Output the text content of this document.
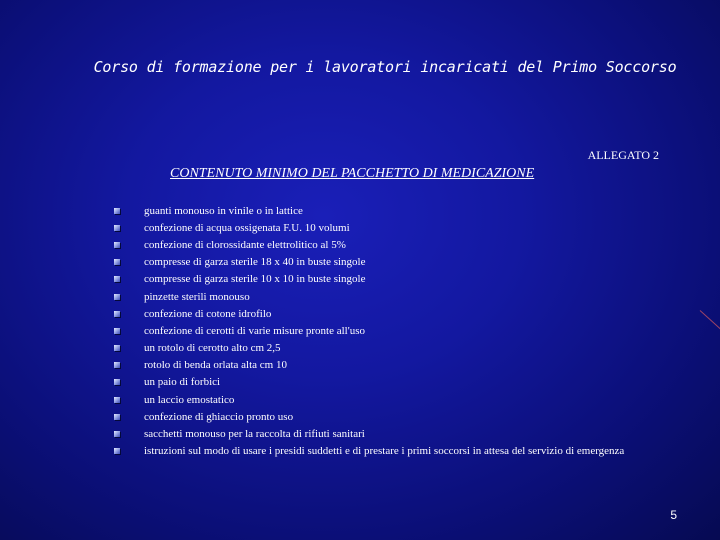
Corso di formazione per i lavoratori incaricati del Primo Soccorso
ALLEGATO 2
CONTENUTO MINIMO DEL PACCHETTO DI MEDICAZIONE
guanti monouso in vinile o in lattice
confezione di acqua ossigenata F.U. 10 volumi
confezione di clorossidante elettrolitico al 5%
compresse di garza sterile 18 x 40 in buste singole
compresse di garza sterile 10 x 10 in buste singole
pinzette sterili monouso
confezione di cotone idrofilo
confezione di cerotti di varie misure pronte all'uso
un rotolo di cerotto alto cm 2,5
rotolo di benda orlata alta cm 10
un paio di forbici
un laccio emostatico
confezione di ghiaccio pronto uso
sacchetti monouso per la raccolta di rifiuti sanitari
istruzioni sul modo di usare i presidi suddetti e di prestare i primi soccorsi in attesa del servizio di emergenza
5
